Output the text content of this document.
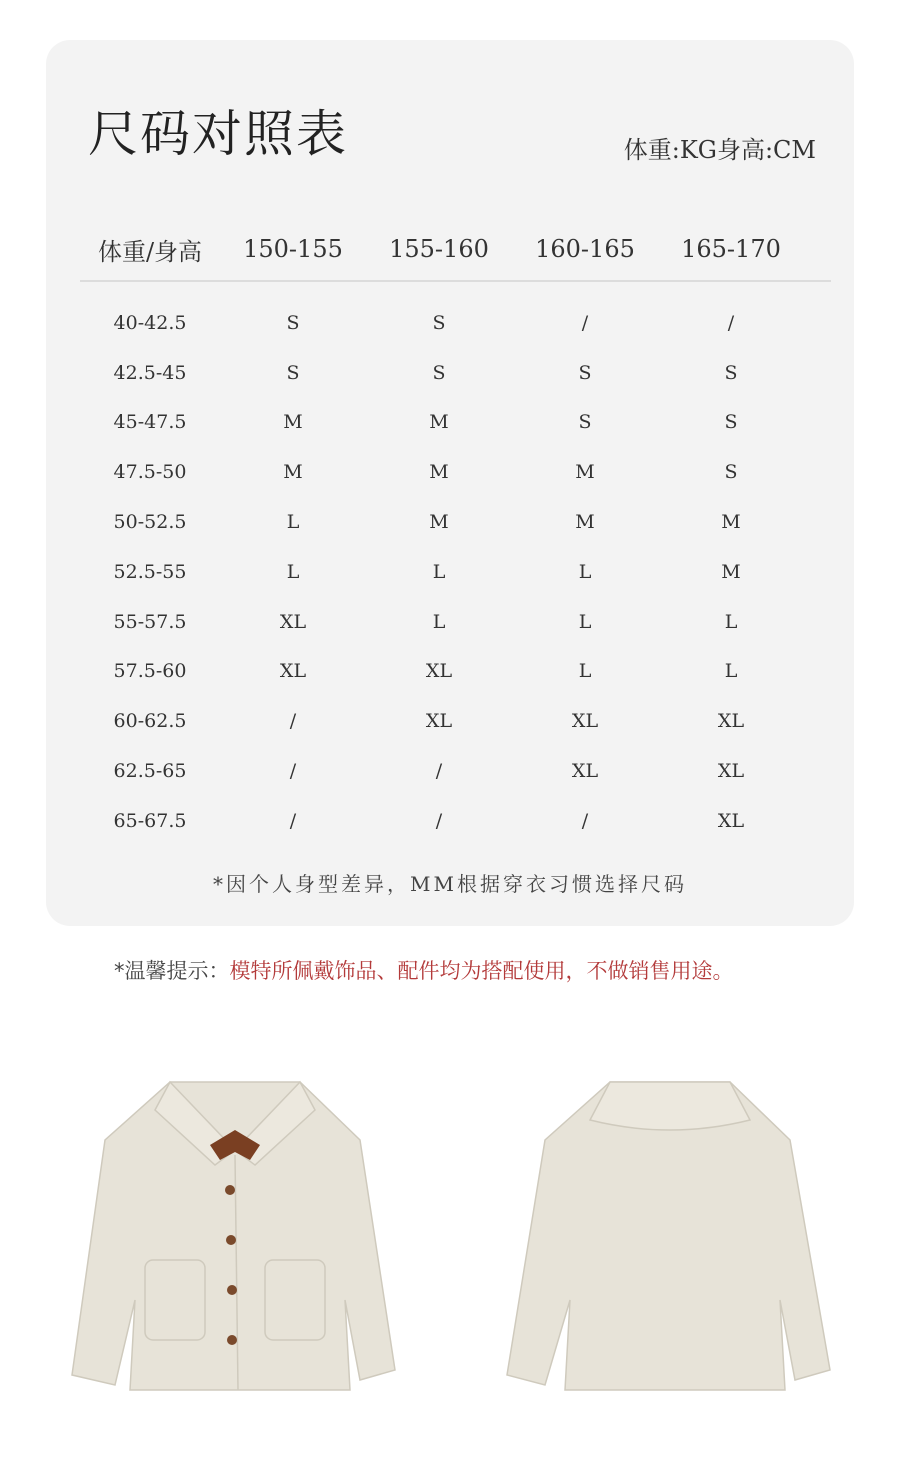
尺码对照表	体重:KG身高:CM
体重/身高	150-155	155-160	160-165	165-170
40-42.5	S	S	/	/
42.5-45	S	S	S	S
45-47.5	M	M	S	S
47.5-50	M	M	M	S
50-52.5	L	M	M	M
52.5-55	L	L	L	M
55-57.5	XL	L	L	L
57.5-60	XL	XL	L	L
60-62.5	/	XL	XL	XL
62.5-65	/	/	XL	XL
65-67.5	/	/	/	XL
*因个人身型差异，MM根据穿衣习惯选择尺码
*温馨提示：模特所佩戴饰品、配件均为搭配使用，不做销售用途。
